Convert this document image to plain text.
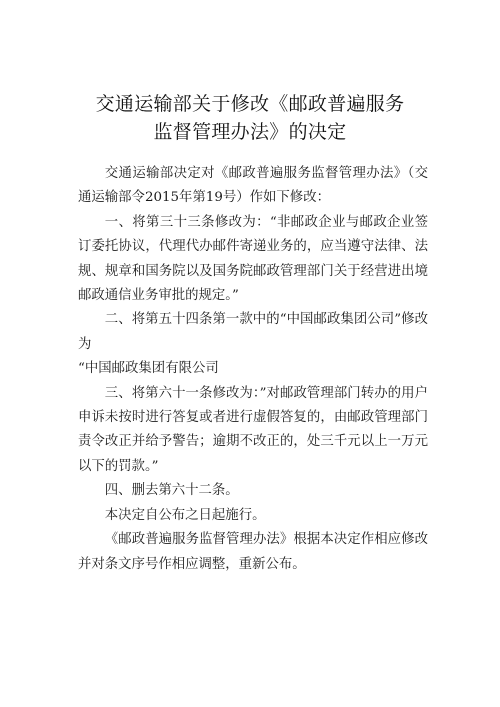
交通运输部关于修改《邮政普遍服务
监督管理办法》的决定

交通运输部决定对《邮政普遍服务监督管理办法》（交通运输部令2015年第19号）作如下修改：

一、将第三十三条修改为：“非邮政企业与邮政企业签订委托协议，代理代办邮件寄递业务的，应当遵守法律、法规、规章和国务院以及国务院邮政管理部门关于经营进出境邮政通信业务审批的规定。”

二、将第五十四条第一款中的“中国邮政集团公司”修改为

“中国邮政集团有限公司

三、将第六十一条修改为：”对邮政管理部门转办的用户申诉未按时进行答复或者进行虚假答复的，由邮政管理部门责令改正并给予警告；逾期不改正的，处三千元以上一万元以下的罚款。”

四、删去第六十二条。

本决定自公布之日起施行。

《邮政普遍服务监督管理办法》根据本决定作相应修改并对条文序号作相应调整，重新公布。
